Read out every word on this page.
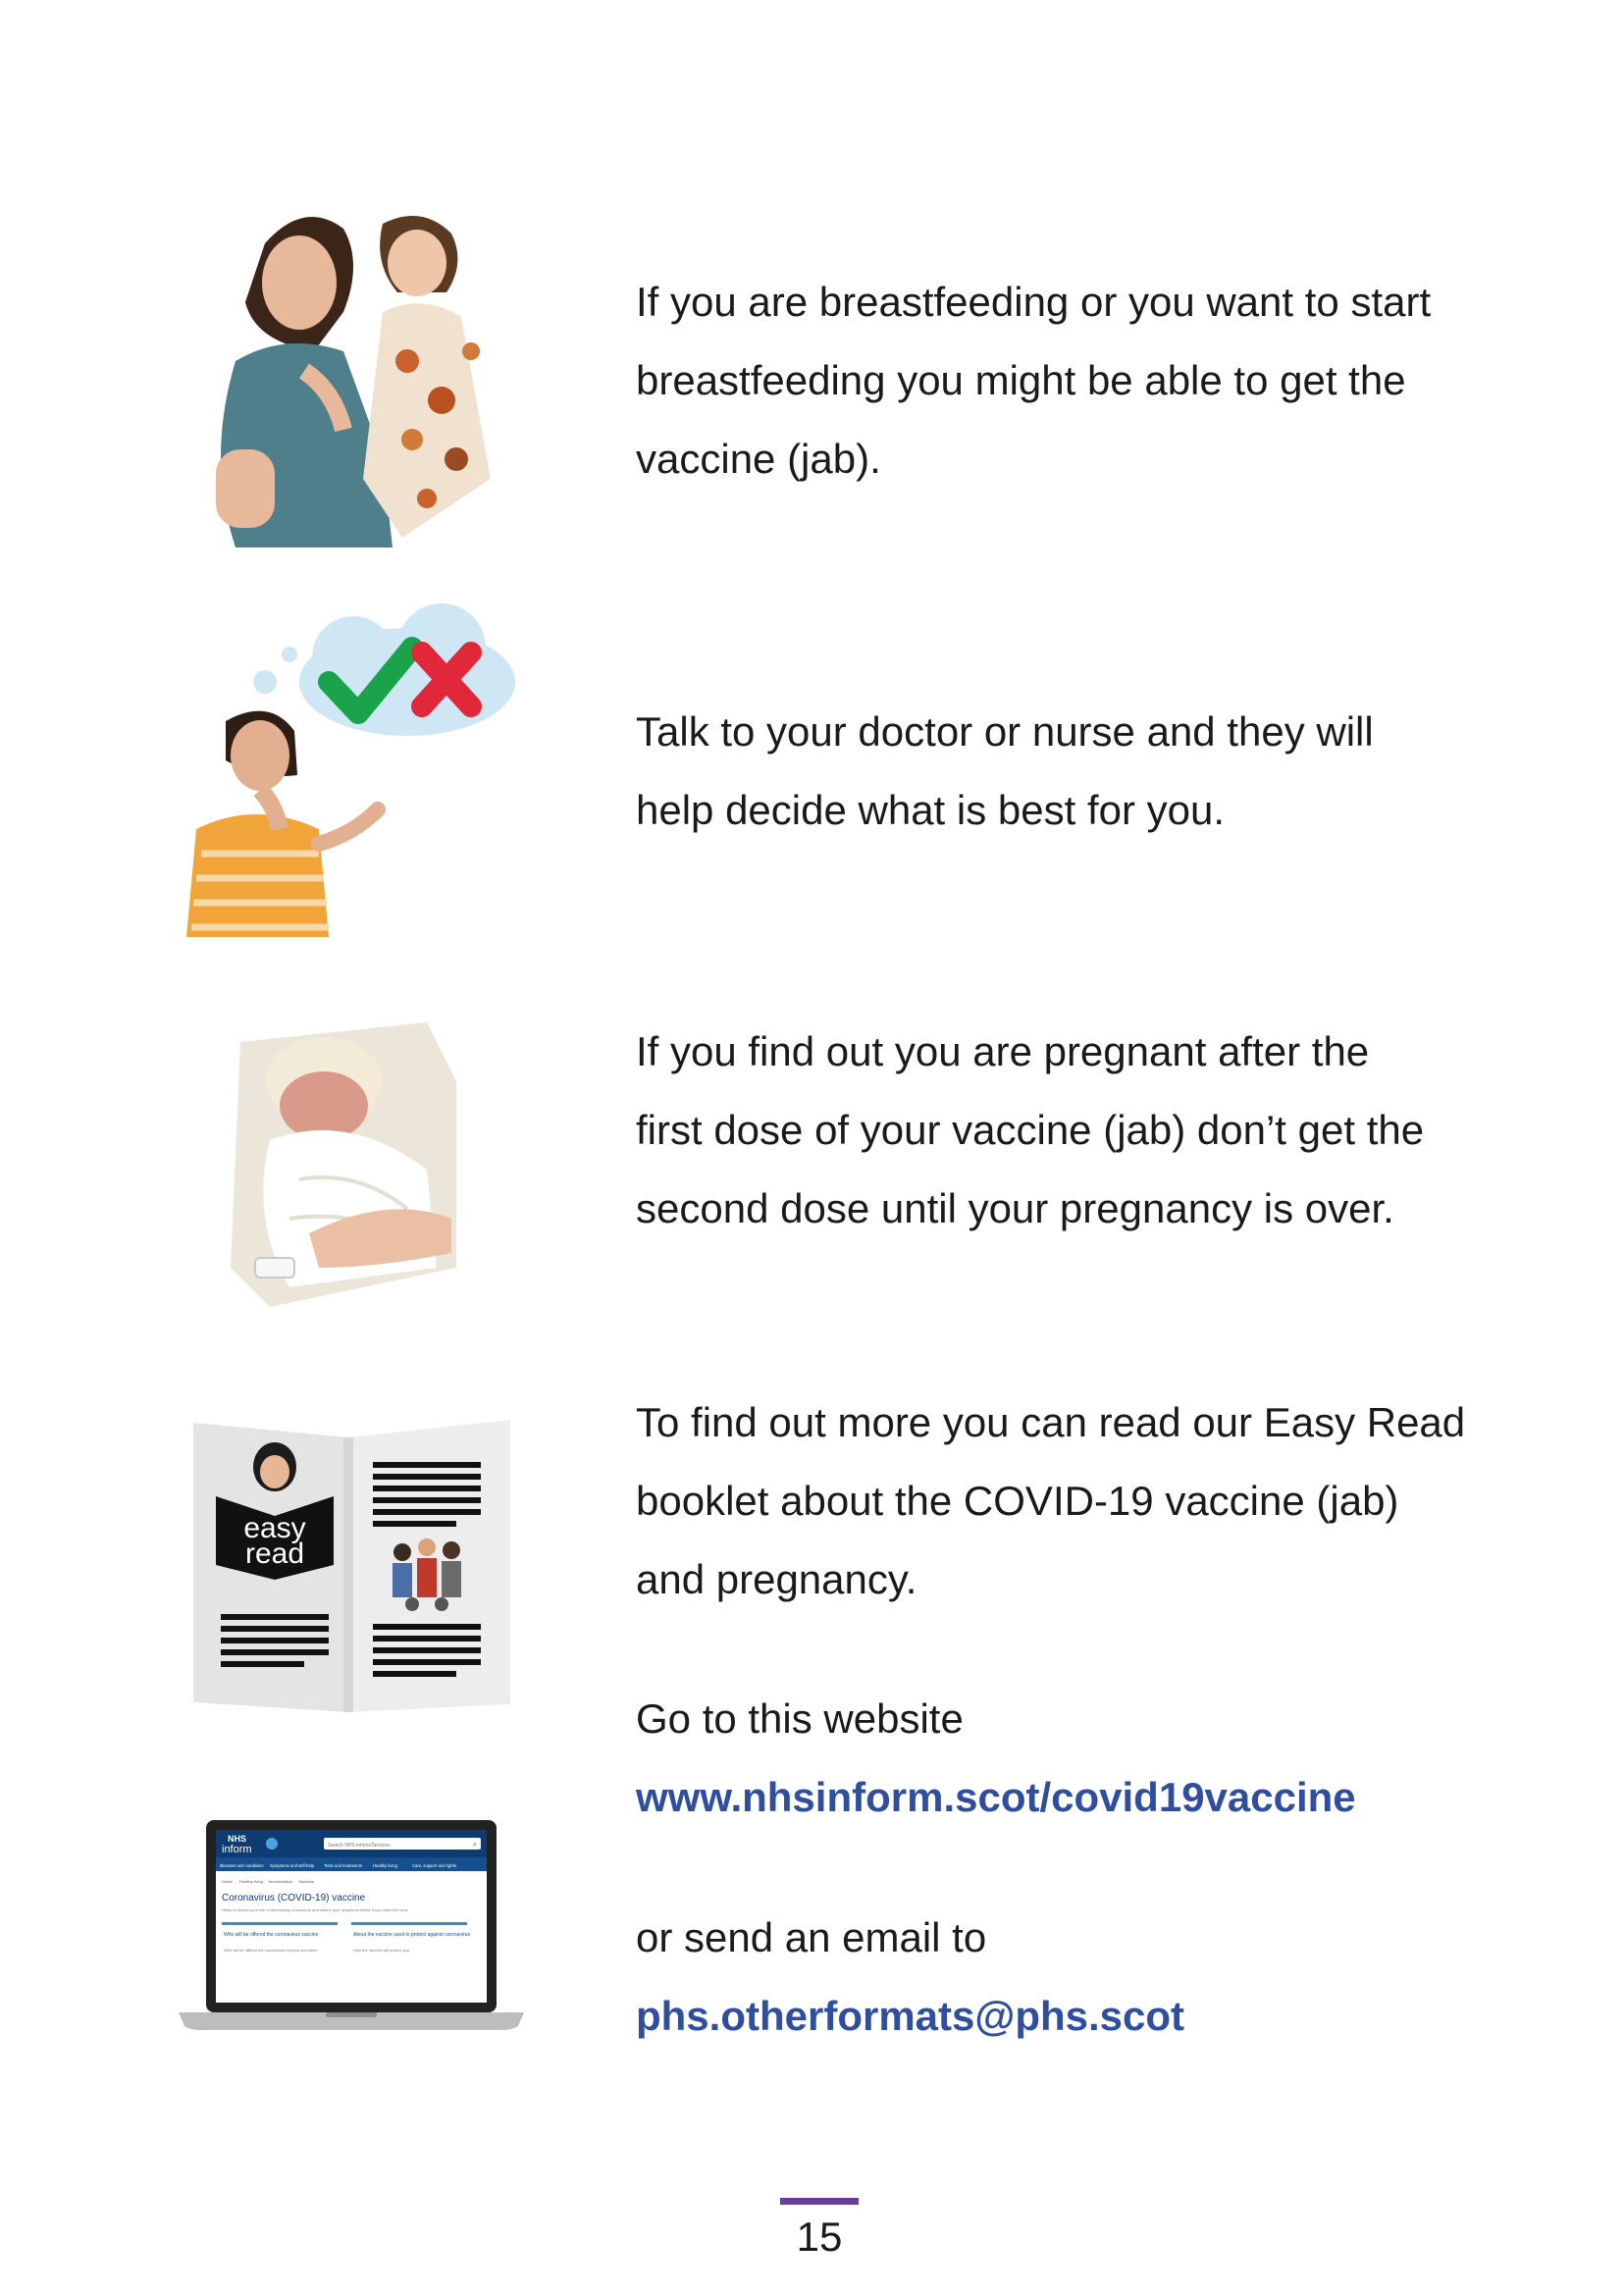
If you are breastfeeding or you want to start
breastfeeding you might be able to get the
vaccine (jab).

Talk to your doctor or nurse and they will
help decide what is best for you.

If you find out you are pregnant after the
first dose of your vaccine (jab) don’t get the
second dose until your pregnancy is over.

easy
read

To find out more you can read our Easy Read
booklet about the COVID-19 vaccine (jab)
and pregnancy.

NHS
inform	Search NHS inform/Services	⌕
Illnesses and conditions Symptoms and self-help Tests and treatments	Healthy living	Care, support and rights
Home Healthy living Immunisation Vaccines
Coronavirus (COVID-19) vaccine
Helps to reduce your risk of developing coronavirus and makes your symptoms milder if you catch the virus
Who will be offered the coronavirus vaccine
Who will be offered the coronavirus vaccine and when
About the vaccine used to protect against coronavirus
How the vaccine will protect you

Go to this website
www.nhsinform.scot/covid19vaccine

or send an email to
phs.otherformats@phs.scot

15
